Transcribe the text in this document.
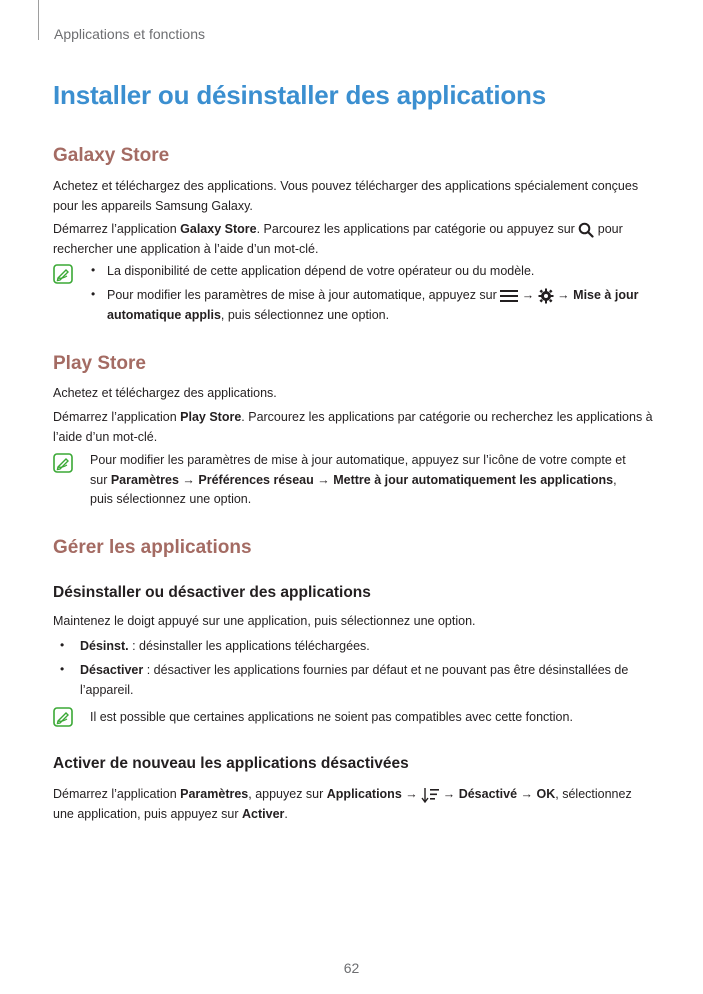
Applications et fonctions
Installer ou désinstaller des applications
Galaxy Store

Achetez et téléchargez des applications. Vous pouvez télécharger des applications spécialement conçues pour les appareils Samsung Galaxy.

Démarrez l’application Galaxy Store. Parcourez les applications par catégorie ou appuyez sur  pour rechercher une application à l’aide d’un mot-clé.

• La disponibilité de cette application dépend de votre opérateur ou du modèle.
• Pour modifier les paramètres de mise à jour automatique, appuyez sur  →  → Mise à jour automatique applis, puis sélectionnez une option.
Play Store

Achetez et téléchargez des applications.

Démarrez l’application Play Store. Parcourez les applications par catégorie ou recherchez les applications à l’aide d’un mot-clé.

Pour modifier les paramètres de mise à jour automatique, appuyez sur l’icône de votre compte et sur Paramètres → Préférences réseau → Mettre à jour automatiquement les applications, puis sélectionnez une option.
Gérer les applications
Désinstaller ou désactiver des applications

Maintenez le doigt appuyé sur une application, puis sélectionnez une option.

• Désinst. : désinstaller les applications téléchargées.
• Désactiver : désactiver les applications fournies par défaut et ne pouvant pas être désinstallées de l’appareil.
Il est possible que certaines applications ne soient pas compatibles avec cette fonction.
Activer de nouveau les applications désactivées

Démarrez l’application Paramètres, appuyez sur Applications →  → Désactivé → OK, sélectionnez une application, puis appuyez sur Activer.

62
